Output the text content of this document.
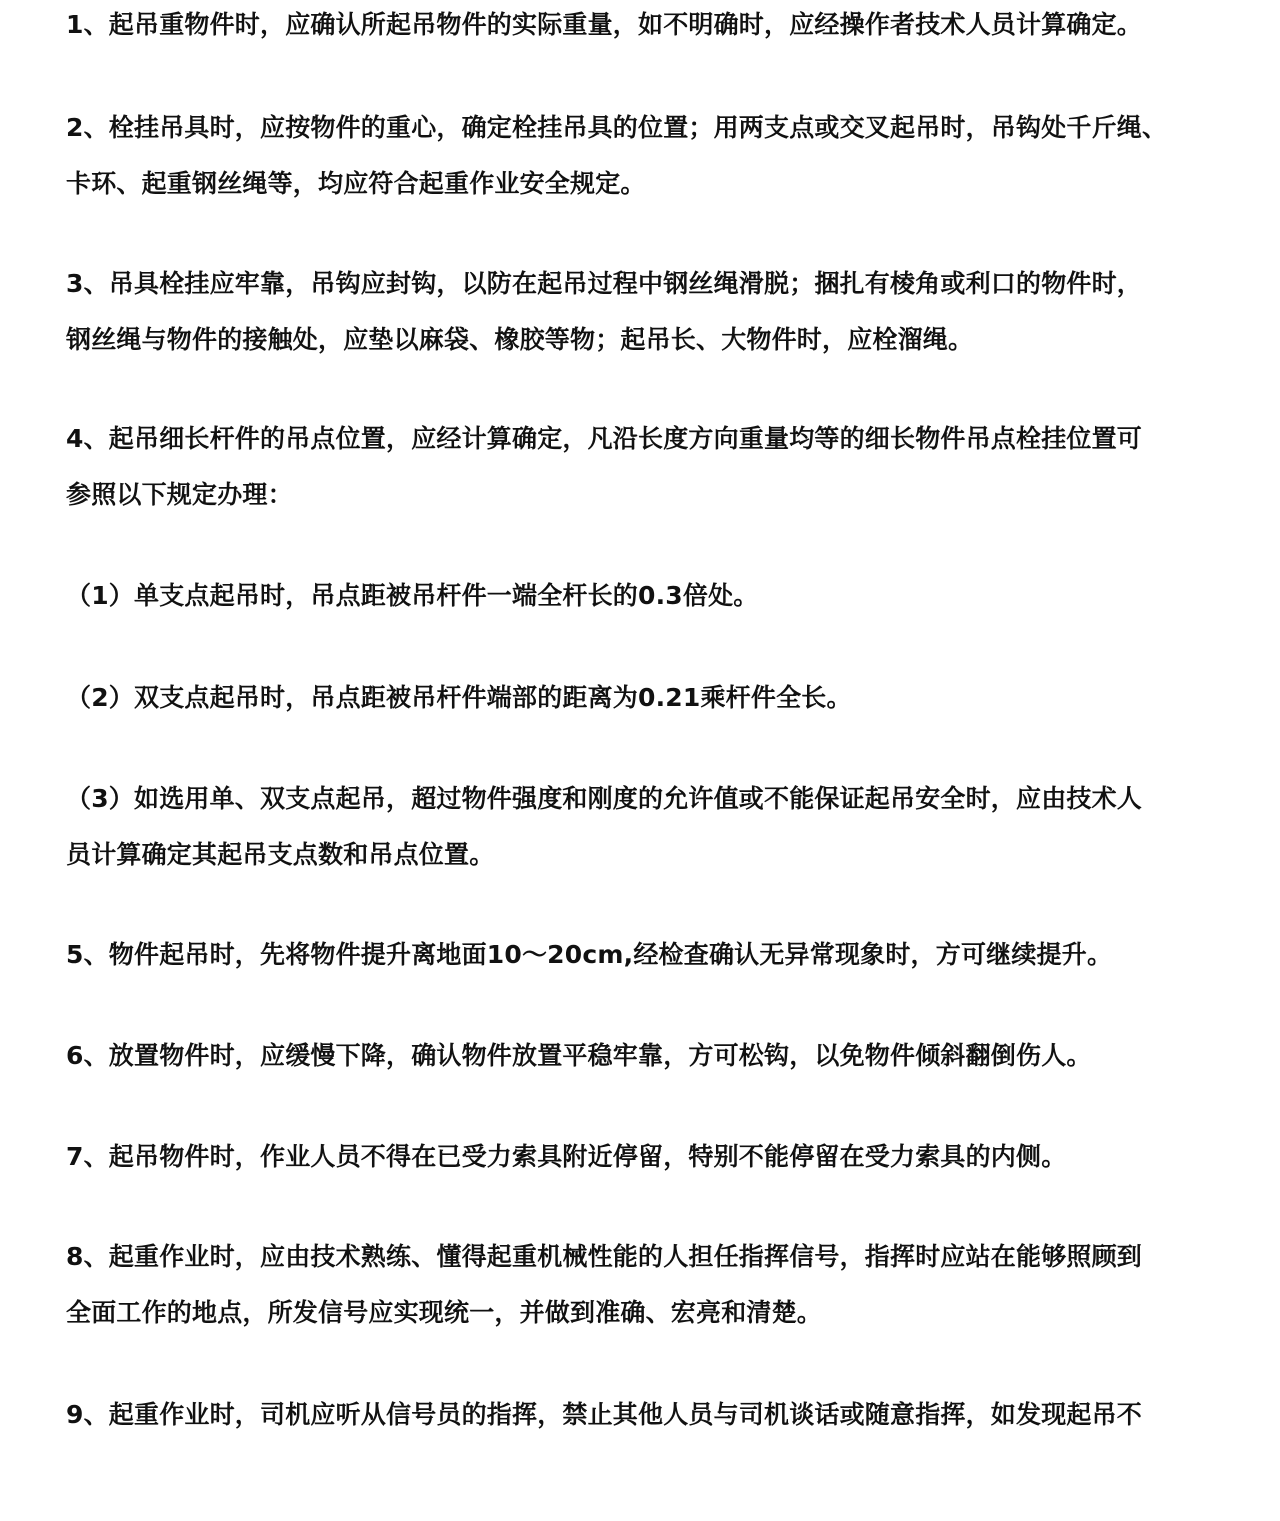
1、起吊重物件时，应确认所起吊物件的实际重量，如不明确时，应经操作者技术人员计算确定。
2、栓挂吊具时，应按物件的重心，确定栓挂吊具的位置；用两支点或交叉起吊时，吊钩处千斤绳、
卡环、起重钢丝绳等，均应符合起重作业安全规定。
3、吊具栓挂应牢靠，吊钩应封钩，以防在起吊过程中钢丝绳滑脱；捆扎有棱角或利口的物件时，
钢丝绳与物件的接触处，应垫以麻袋、橡胶等物；起吊长、大物件时，应栓溜绳。
4、起吊细长杆件的吊点位置，应经计算确定，凡沿长度方向重量均等的细长物件吊点栓挂位置可
参照以下规定办理：
（1）单支点起吊时，吊点距被吊杆件一端全杆长的0.3倍处。
（2）双支点起吊时，吊点距被吊杆件端部的距离为0.21乘杆件全长。
（3）如选用单、双支点起吊，超过物件强度和刚度的允许值或不能保证起吊安全时，应由技术人
员计算确定其起吊支点数和吊点位置。
5、物件起吊时，先将物件提升离地面10～20cm,经检查确认无异常现象时，方可继续提升。
6、放置物件时，应缓慢下降，确认物件放置平稳牢靠，方可松钩，以免物件倾斜翻倒伤人。
7、起吊物件时，作业人员不得在已受力索具附近停留，特别不能停留在受力索具的内侧。
8、起重作业时，应由技术熟练、懂得起重机械性能的人担任指挥信号，指挥时应站在能够照顾到
全面工作的地点，所发信号应实现统一，并做到准确、宏亮和清楚。
9、起重作业时，司机应听从信号员的指挥，禁止其他人员与司机谈话或随意指挥，如发现起吊不
